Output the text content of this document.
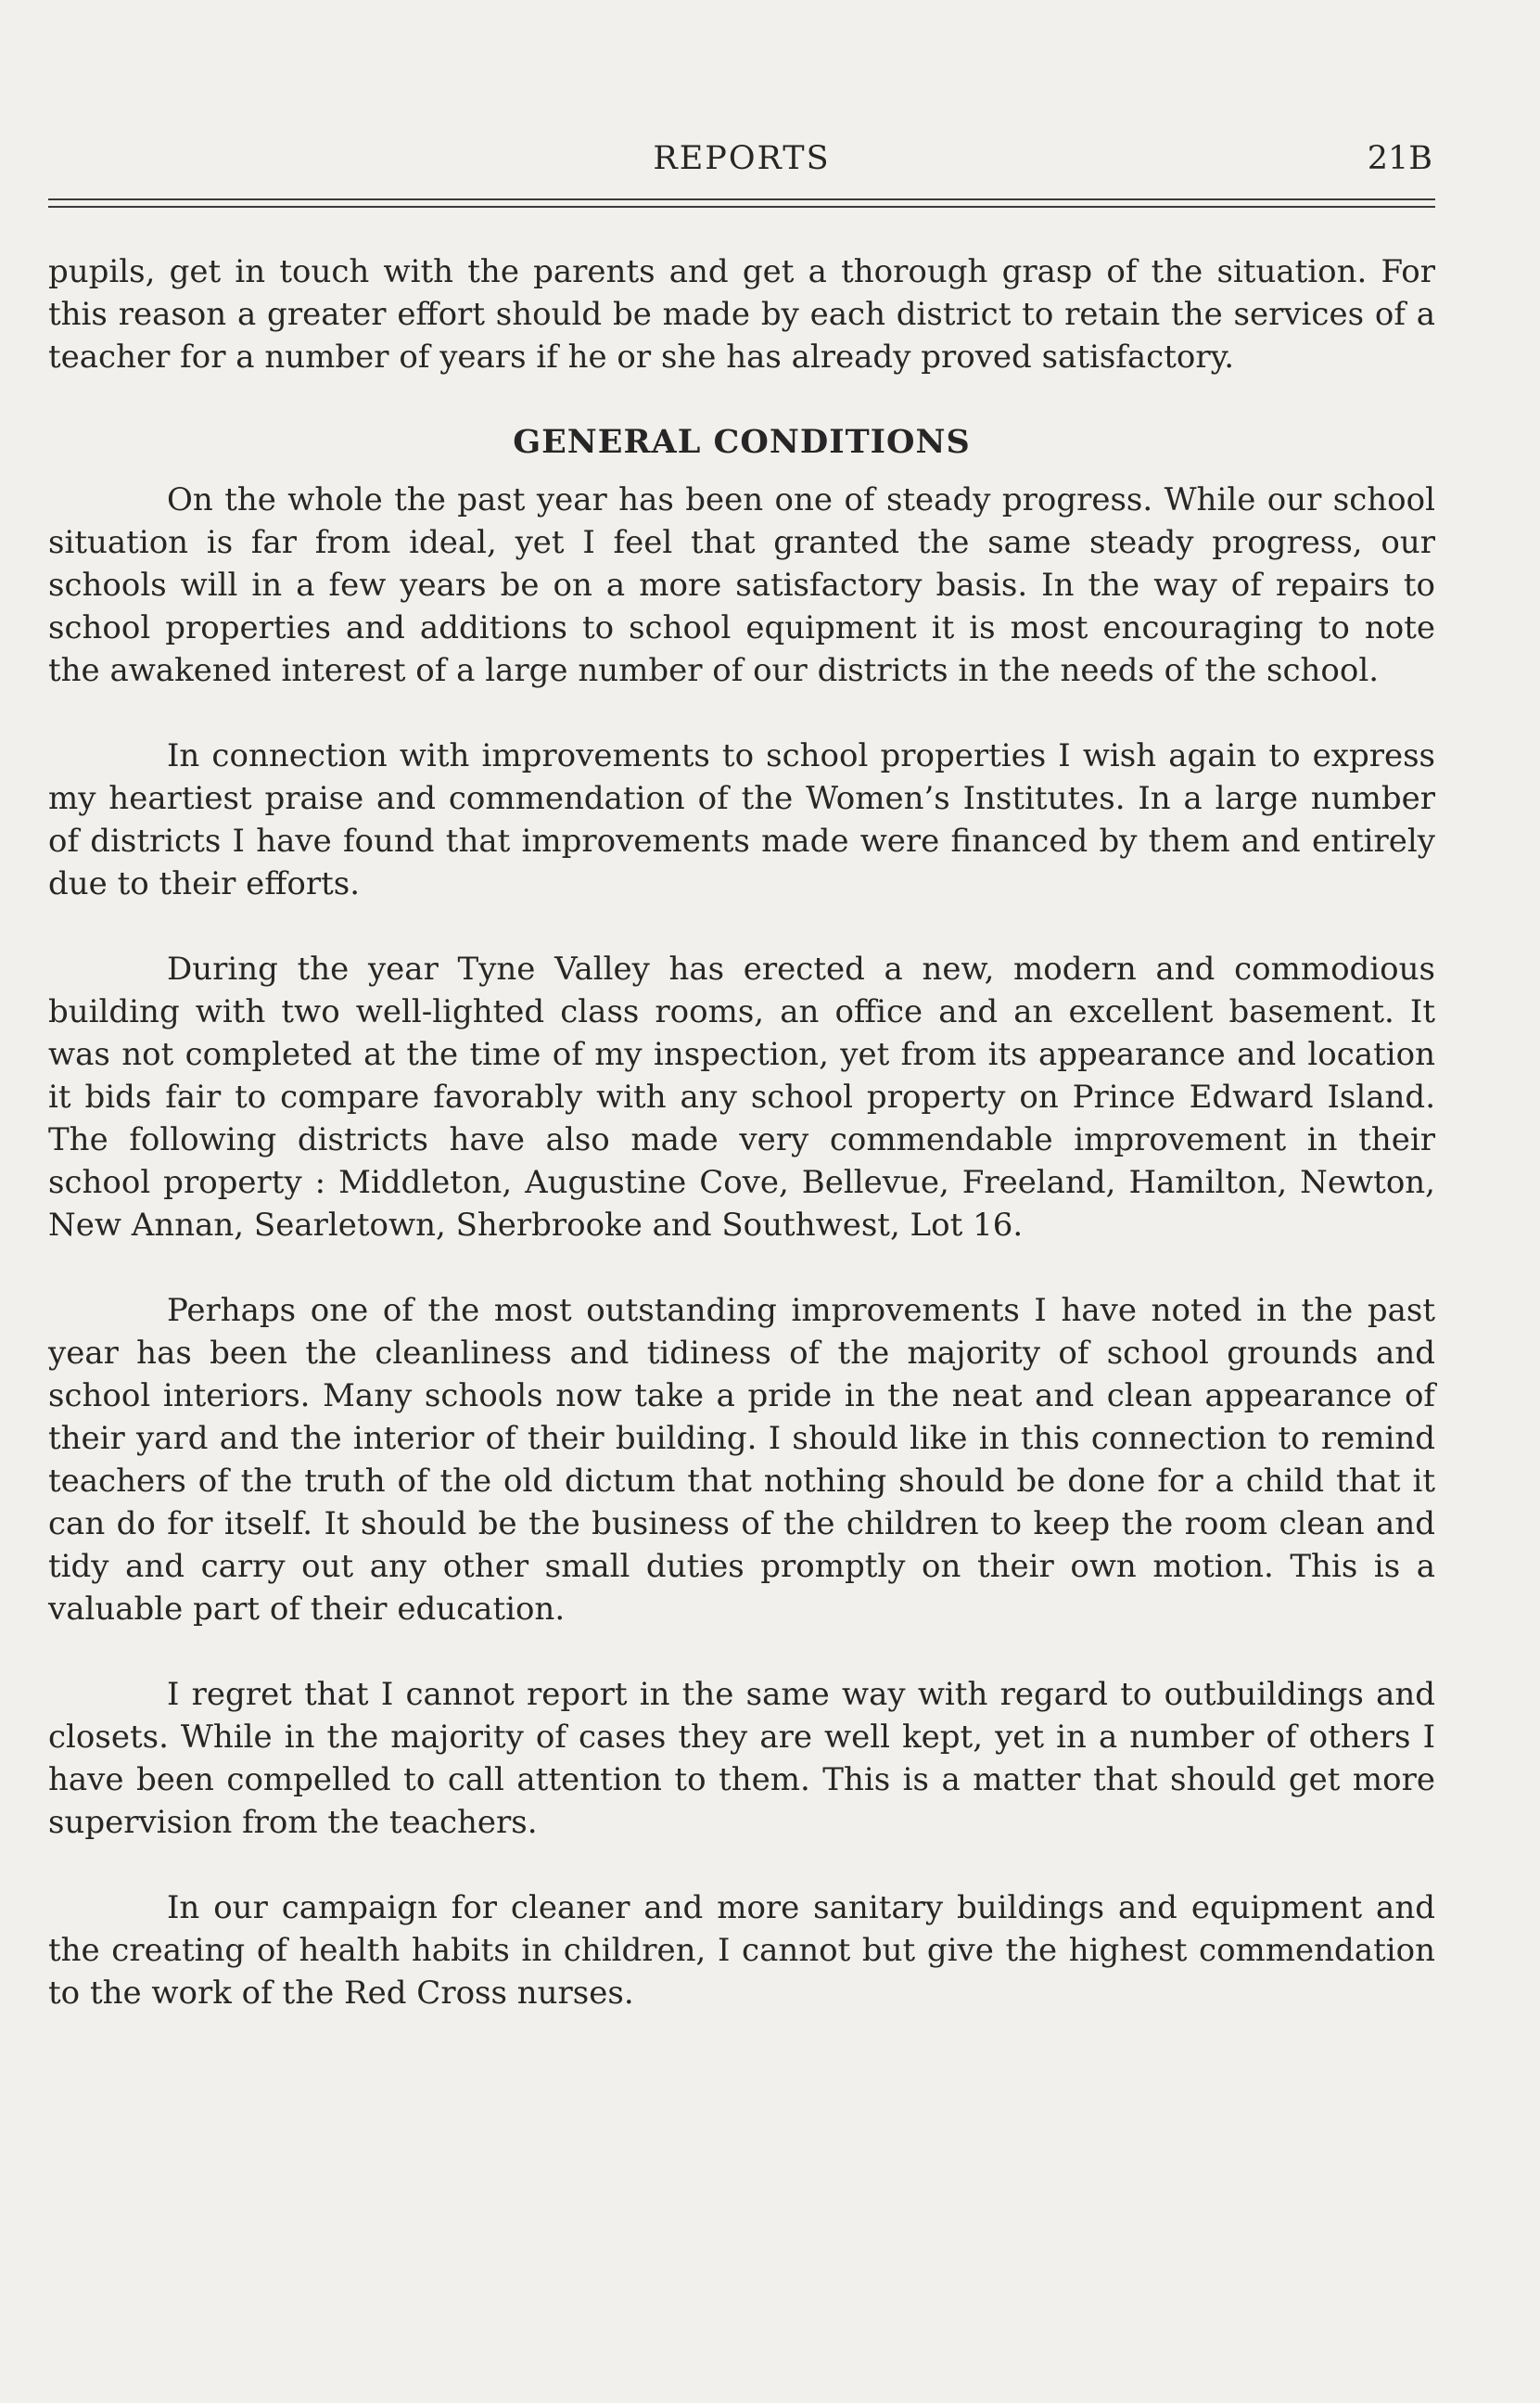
REPORTS	21B

pupils, get in touch with the parents and get a thorough grasp of the situation. For this reason a greater effort should be made by each district to retain the services of a teacher for a number of years if he or she has already proved satisfactory.

GENERAL CONDITIONS

On the whole the past year has been one of steady progress. While our school situation is far from ideal, yet I feel that granted the same steady progress, our schools will in a few years be on a more satisfactory basis. In the way of repairs to school properties and additions to school equipment it is most encouraging to note the awakened interest of a large number of our districts in the needs of the school.

In connection with improvements to school properties I wish again to express my heartiest praise and commendation of the Women’s Institutes. In a large number of districts I have found that improvements made were financed by them and entirely due to their efforts.

During the year Tyne Valley has erected a new, modern and commodious building with two well-lighted class rooms, an office and an excellent basement. It was not completed at the time of my inspection, yet from its appearance and location it bids fair to compare favorably with any school property on Prince Edward Island. The following districts have also made very commendable improvement in their school property : Middleton, Augustine Cove, Bellevue, Freeland, Hamilton, Newton, New Annan, Searletown, Sherbrooke and Southwest, Lot 16.

Perhaps one of the most outstanding improvements I have noted in the past year has been the cleanliness and tidiness of the majority of school grounds and school interiors. Many schools now take a pride in the neat and clean appearance of their yard and the interior of their building. I should like in this connection to remind teachers of the truth of the old dictum that nothing should be done for a child that it can do for itself. It should be the business of the children to keep the room clean and tidy and carry out any other small duties promptly on their own motion. This is a valuable part of their education.

I regret that I cannot report in the same way with regard to outbuildings and closets. While in the majority of cases they are well kept, yet in a number of others I have been compelled to call attention to them. This is a matter that should get more supervision from the teachers.

In our campaign for cleaner and more sanitary buildings and equipment and the creating of health habits in children, I cannot but give the highest commendation to the work of the Red Cross nurses.
